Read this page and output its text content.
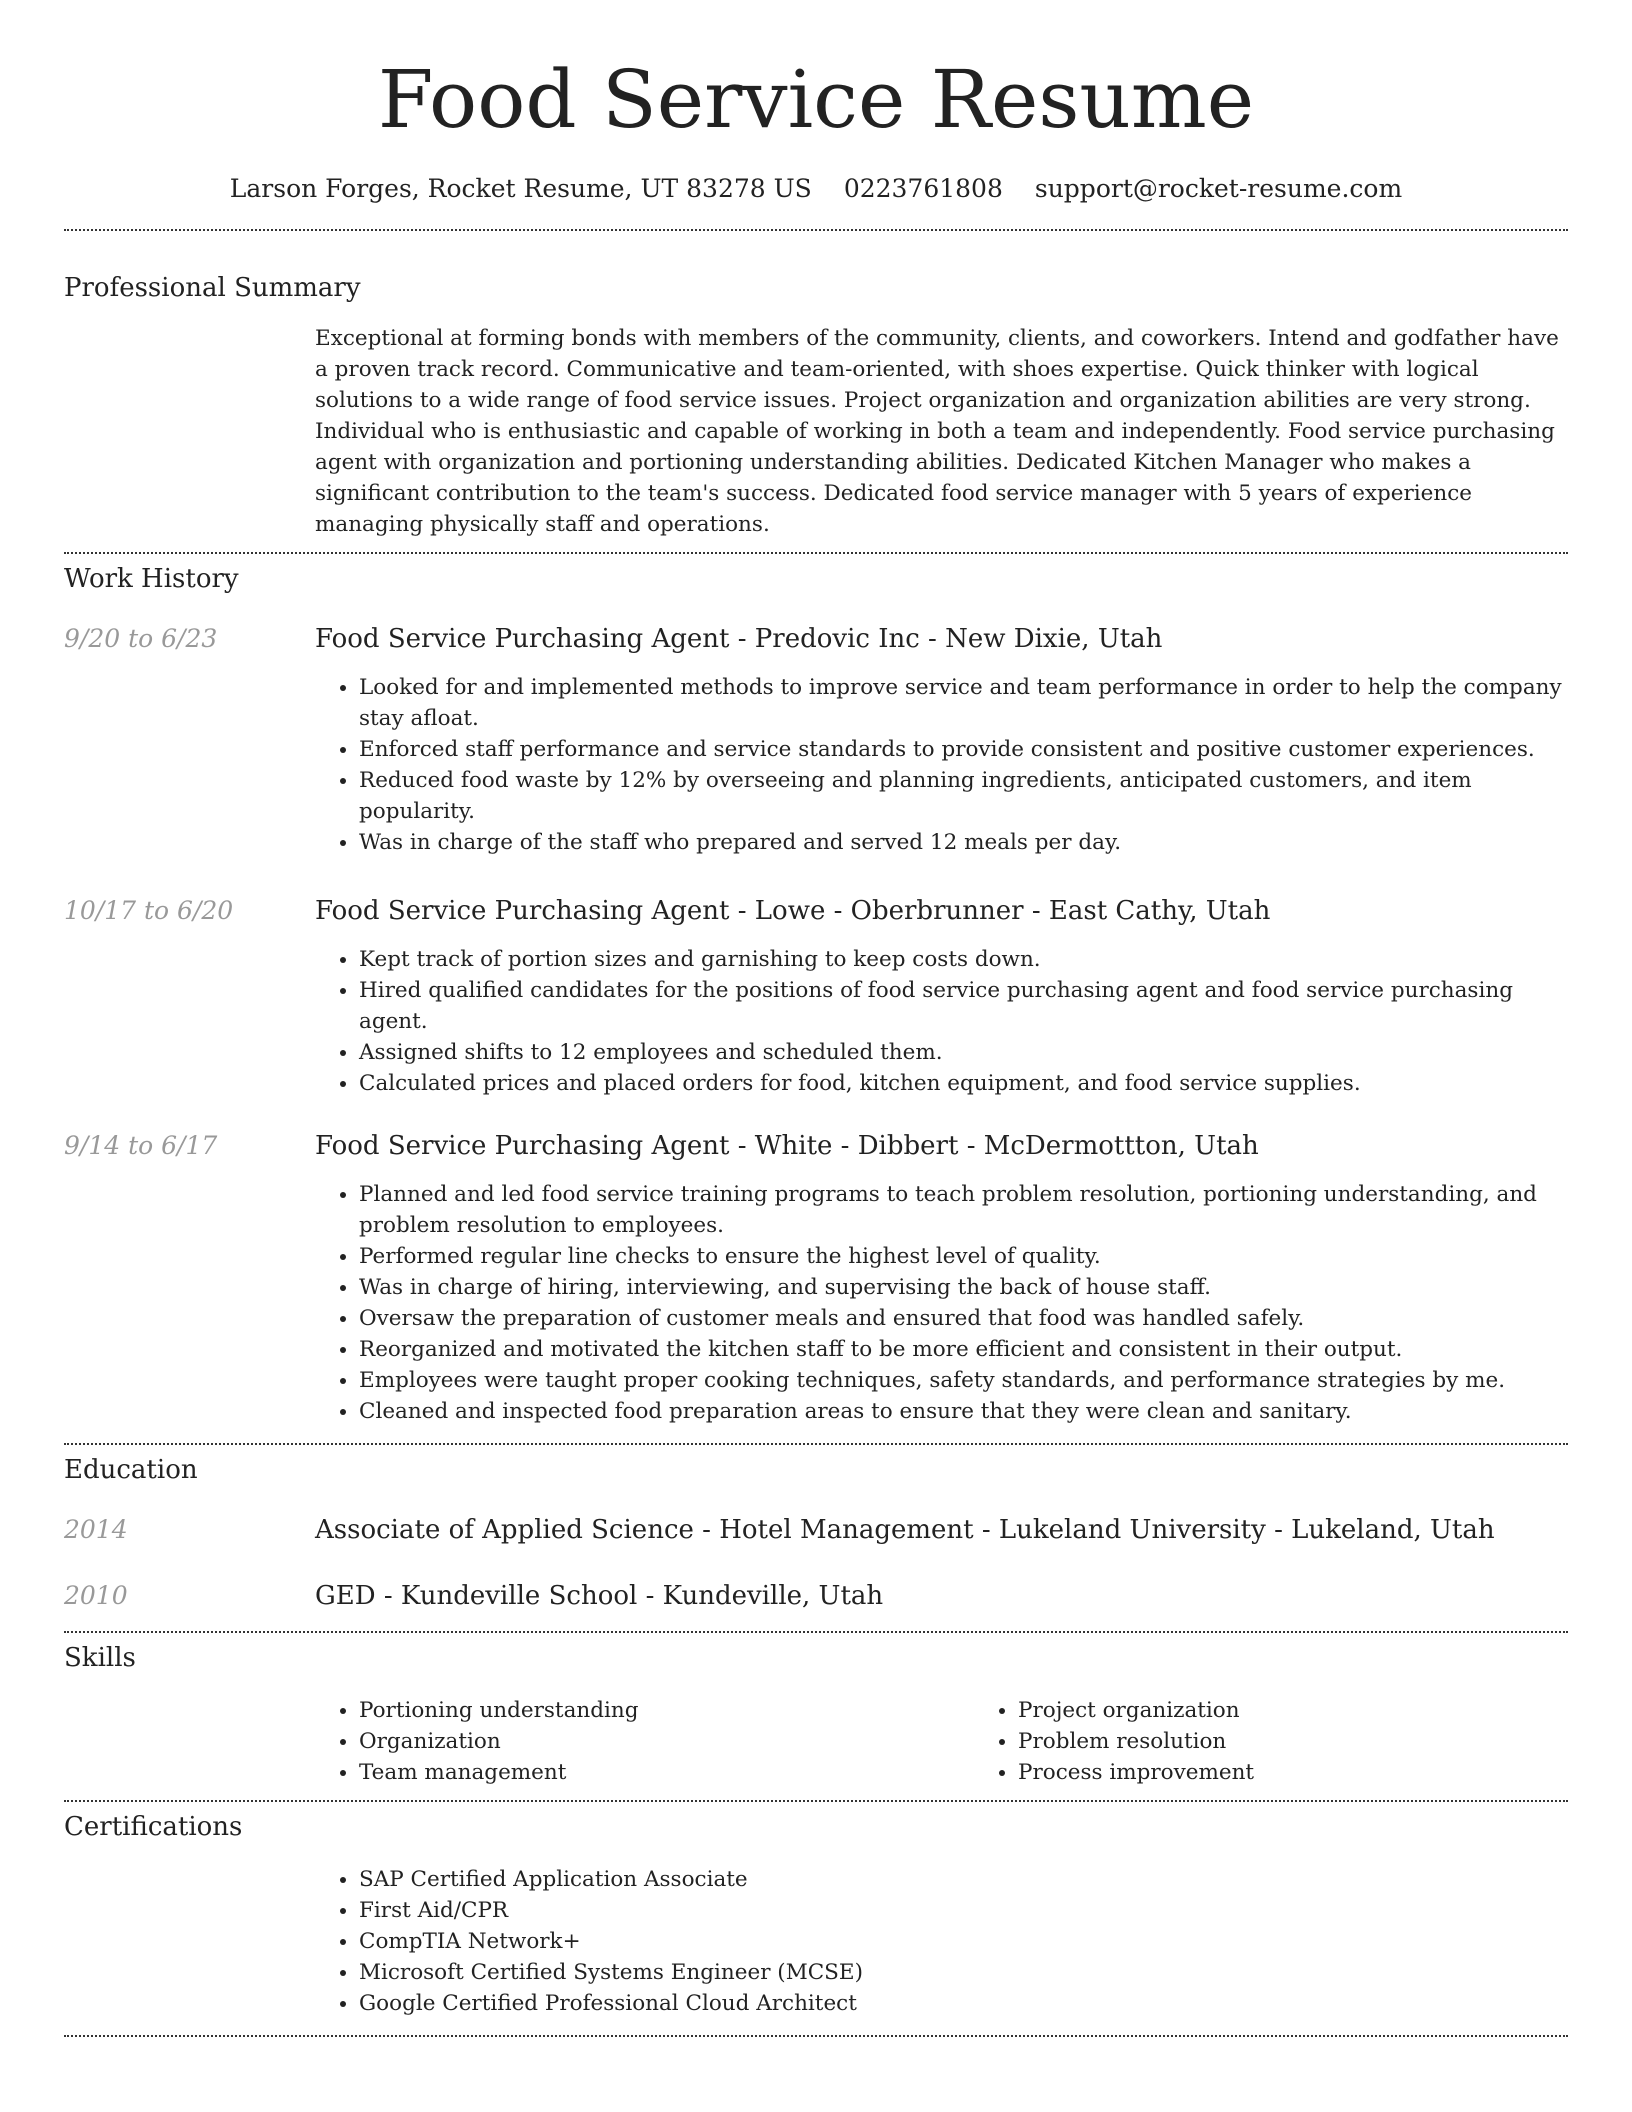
Food Service Resume
Larson Forges, Rocket Resume, UT 83278 US 0223761808 support@rocket-resume.com
Professional Summary
Exceptional at forming bonds with members of the community, clients, and coworkers. Intend and godfather have a proven track record. Communicative and team-oriented, with shoes expertise. Quick thinker with logical solutions to a wide range of food service issues. Project organization and organization abilities are very strong. Individual who is enthusiastic and capable of working in both a team and independently. Food service purchasing agent with organization and portioning understanding abilities. Dedicated Kitchen Manager who makes a significant contribution to the team's success. Dedicated food service manager with 5 years of experience managing physically staff and operations.
Work History
9/20 to 6/23	Food Service Purchasing Agent - Predovic Inc - New Dixie, Utah
• Looked for and implemented methods to improve service and team performance in order to help the company stay afloat.
• Enforced staff performance and service standards to provide consistent and positive customer experiences.
• Reduced food waste by 12% by overseeing and planning ingredients, anticipated customers, and item popularity.
• Was in charge of the staff who prepared and served 12 meals per day.
10/17 to 6/20	Food Service Purchasing Agent - Lowe - Oberbrunner - East Cathy, Utah
• Kept track of portion sizes and garnishing to keep costs down.
• Hired qualified candidates for the positions of food service purchasing agent and food service purchasing agent.
• Assigned shifts to 12 employees and scheduled them.
• Calculated prices and placed orders for food, kitchen equipment, and food service supplies.
9/14 to 6/17	Food Service Purchasing Agent - White - Dibbert - McDermottton, Utah
• Planned and led food service training programs to teach problem resolution, portioning understanding, and problem resolution to employees.
• Performed regular line checks to ensure the highest level of quality.
• Was in charge of hiring, interviewing, and supervising the back of house staff.
• Oversaw the preparation of customer meals and ensured that food was handled safely.
• Reorganized and motivated the kitchen staff to be more efficient and consistent in their output.
• Employees were taught proper cooking techniques, safety standards, and performance strategies by me.
• Cleaned and inspected food preparation areas to ensure that they were clean and sanitary.
Education
2014	Associate of Applied Science - Hotel Management - Lukeland University - Lukeland, Utah
2010	GED - Kundeville School - Kundeville, Utah
Skills
• Portioning understanding
• Organization
• Team management
• Project organization
• Problem resolution
• Process improvement
Certifications
• SAP Certified Application Associate
• First Aid/CPR
• CompTIA Network+
• Microsoft Certified Systems Engineer (MCSE)
• Google Certified Professional Cloud Architect
